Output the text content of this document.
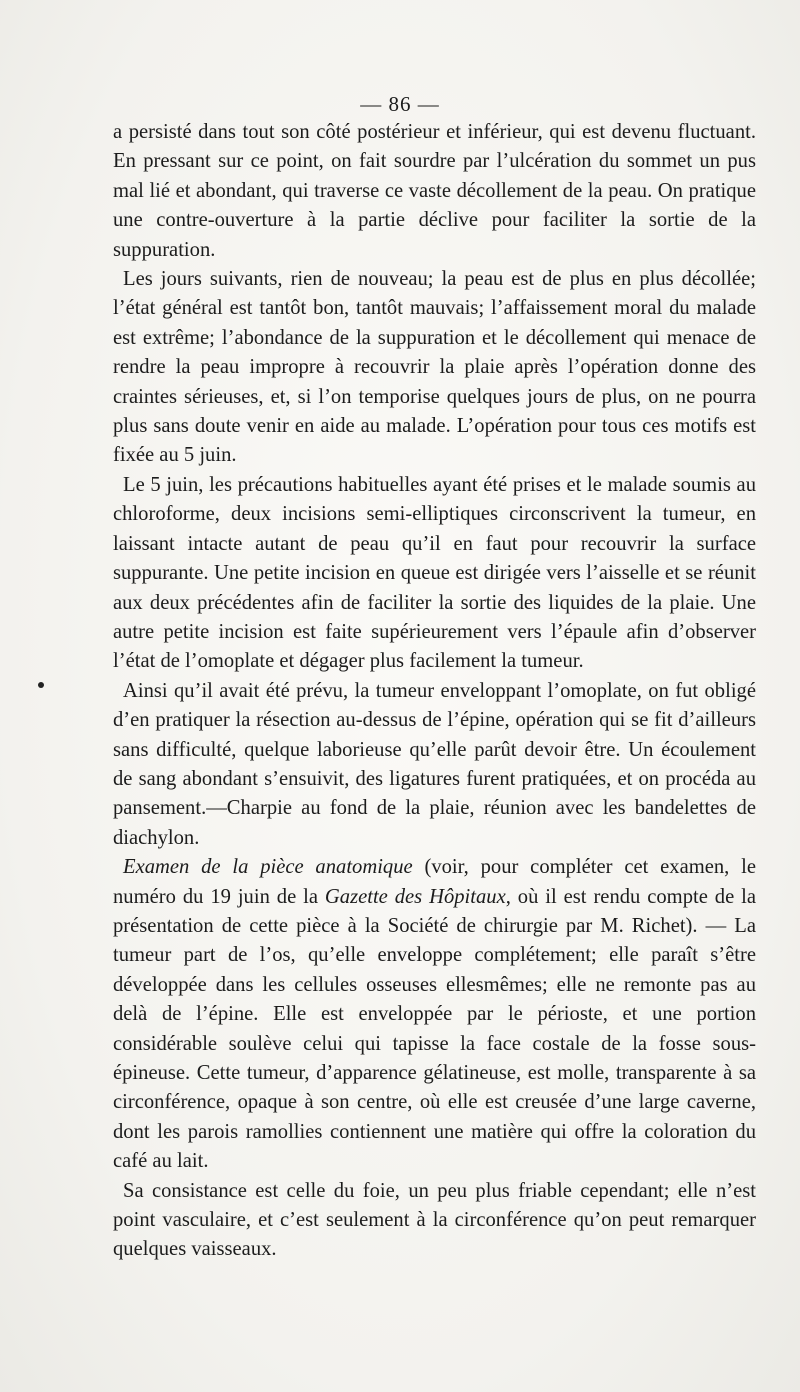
— 86 —

a persisté dans tout son côté postérieur et inférieur, qui est devenu fluctuant. En pressant sur ce point, on fait sourdre par l’ulcération du sommet un pus mal lié et abondant, qui traverse ce vaste décollement de la peau. On pratique une contre-ouverture à la partie déclive pour faciliter la sortie de la suppuration.

Les jours suivants, rien de nouveau; la peau est de plus en plus décollée; l’état général est tantôt bon, tantôt mauvais; l’affaissement moral du malade est extrême; l’abondance de la suppuration et le décollement qui menace de rendre la peau impropre à recouvrir la plaie après l’opération donne des craintes sérieuses, et, si l’on temporise quelques jours de plus, on ne pourra plus sans doute venir en aide au malade. L’opération pour tous ces motifs est fixée au 5 juin.

Le 5 juin, les précautions habituelles ayant été prises et le malade soumis au chloroforme, deux incisions semi-elliptiques circonscrivent la tumeur, en laissant intacte autant de peau qu’il en faut pour recouvrir la surface suppurante. Une petite incision en queue est dirigée vers l’aisselle et se réunit aux deux précédentes afin de faciliter la sortie des liquides de la plaie. Une autre petite incision est faite supérieurement vers l’épaule afin d’observer l’état de l’omoplate et dégager plus facilement la tumeur.

Ainsi qu’il avait été prévu, la tumeur enveloppant l’omoplate, on fut obligé d’en pratiquer la résection au-dessus de l’épine, opération qui se fit d’ailleurs sans difficulté, quelque laborieuse qu’elle parût devoir être. Un écoulement de sang abondant s’ensuivit, des ligatures furent pratiquées, et on procéda au pansement.—Charpie au fond de la plaie, réunion avec les bandelettes de diachylon.

Examen de la pièce anatomique (voir, pour compléter cet examen, le numéro du 19 juin de la Gazette des Hôpitaux, où il est rendu compte de la présentation de cette pièce à la Société de chirurgie par M. Richet). — La tumeur part de l’os, qu’elle enveloppe complétement; elle paraît s’être développée dans les cellules osseuses ellesmêmes; elle ne remonte pas au delà de l’épine. Elle est enveloppée par le périoste, et une portion considérable soulève celui qui tapisse la face costale de la fosse sous-épineuse. Cette tumeur, d’apparence gélatineuse, est molle, transparente à sa circonférence, opaque à son centre, où elle est creusée d’une large caverne, dont les parois ramollies contiennent une matière qui offre la coloration du café au lait.

Sa consistance est celle du foie, un peu plus friable cependant; elle n’est point vasculaire, et c’est seulement à la circonférence qu’on peut remarquer quelques vaisseaux.
